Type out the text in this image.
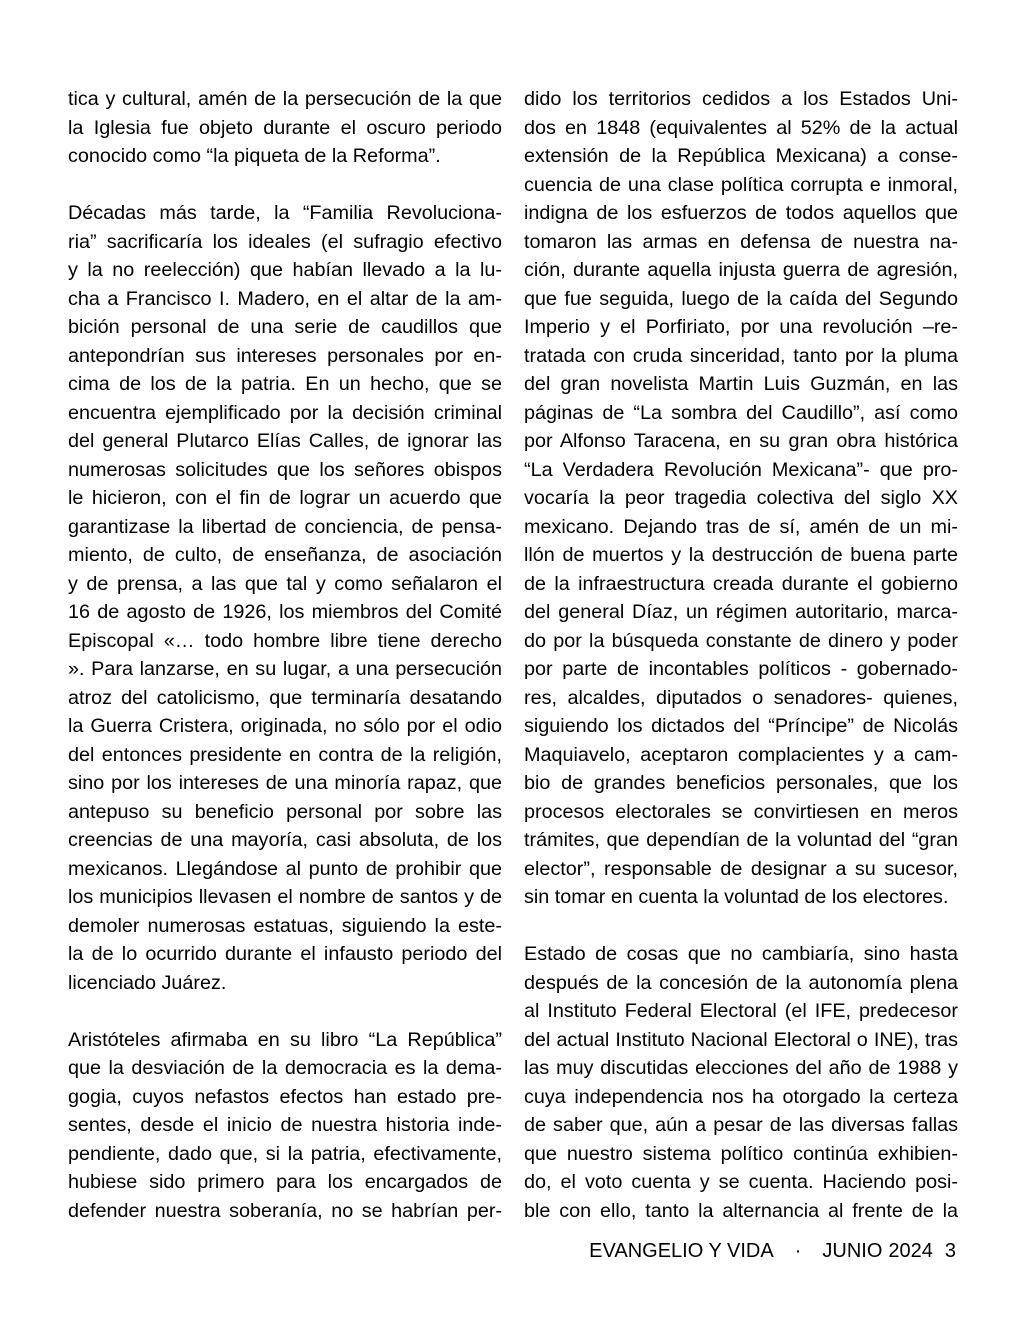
tica y cultural, amén de la persecución de la que
la Iglesia fue objeto durante el oscuro periodo
conocido como “la piqueta de la Reforma”.
Décadas más tarde, la “Familia Revoluciona-
ria” sacrificaría los ideales (el sufragio efectivo
y la no reelección) que habían llevado a la lu-
cha a Francisco I. Madero, en el altar de la am-
bición personal de una serie de caudillos que
antepondrían sus intereses personales por en-
cima de los de la patria. En un hecho, que se
encuentra ejemplificado por la decisión criminal
del general Plutarco Elías Calles, de ignorar las
numerosas solicitudes que los señores obispos
le hicieron, con el fin de lograr un acuerdo que
garantizase la libertad de conciencia, de pensa-
miento, de culto, de enseñanza, de asociación
y de prensa, a las que tal y como señalaron el
16 de agosto de 1926, los miembros del Comité
Episcopal «… todo hombre libre tiene derecho
». Para lanzarse, en su lugar, a una persecución
atroz del catolicismo, que terminaría desatando
la Guerra Cristera, originada, no sólo por el odio
del entonces presidente en contra de la religión,
sino por los intereses de una minoría rapaz, que
antepuso su beneficio personal por sobre las
creencias de una mayoría, casi absoluta, de los
mexicanos. Llegándose al punto de prohibir que
los municipios llevasen el nombre de santos y de
demoler numerosas estatuas, siguiendo la este-
la de lo ocurrido durante el infausto periodo del
licenciado Juárez.
Aristóteles afirmaba en su libro “La República”
que la desviación de la democracia es la dema-
gogia, cuyos nefastos efectos han estado pre-
sentes, desde el inicio de nuestra historia inde-
pendiente, dado que, si la patria, efectivamente,
hubiese sido primero para los encargados de
defender nuestra soberanía, no se habrían per-
dido los territorios cedidos a los Estados Uni-
dos en 1848 (equivalentes al 52% de la actual
extensión de la República Mexicana) a conse-
cuencia de una clase política corrupta e inmoral,
indigna de los esfuerzos de todos aquellos que
tomaron las armas en defensa de nuestra na-
ción, durante aquella injusta guerra de agresión,
que fue seguida, luego de la caída del Segundo
Imperio y el Porfiriato, por una revolución –re-
tratada con cruda sinceridad, tanto por la pluma
del gran novelista Martin Luis Guzmán, en las
páginas de “La sombra del Caudillo”, así como
por Alfonso Taracena, en su gran obra histórica
“La Verdadera Revolución Mexicana”- que pro-
vocaría la peor tragedia colectiva del siglo XX
mexicano. Dejando tras de sí, amén de un mi-
llón de muertos y la destrucción de buena parte
de la infraestructura creada durante el gobierno
del general Díaz, un régimen autoritario, marca-
do por la búsqueda constante de dinero y poder
por parte de incontables políticos - gobernado-
res, alcaldes, diputados o senadores- quienes,
siguiendo los dictados del “Príncipe” de Nicolás
Maquiavelo, aceptaron complacientes y a cam-
bio de grandes beneficios personales, que los
procesos electorales se convirtiesen en meros
trámites, que dependían de la voluntad del “gran
elector”, responsable de designar a su sucesor,
sin tomar en cuenta la voluntad de los electores.
Estado de cosas que no cambiaría, sino hasta
después de la concesión de la autonomía plena
al Instituto Federal Electoral (el IFE, predecesor
del actual Instituto Nacional Electoral o INE), tras
las muy discutidas elecciones del año de 1988 y
cuya independencia nos ha otorgado la certeza
de saber que, aún a pesar de las diversas fallas
que nuestro sistema político continúa exhibien-
do, el voto cuenta y se cuenta. Haciendo posi-
ble con ello, tanto la alternancia al frente de la
EVANGELIO Y VIDA · JUNIO 2024 3
